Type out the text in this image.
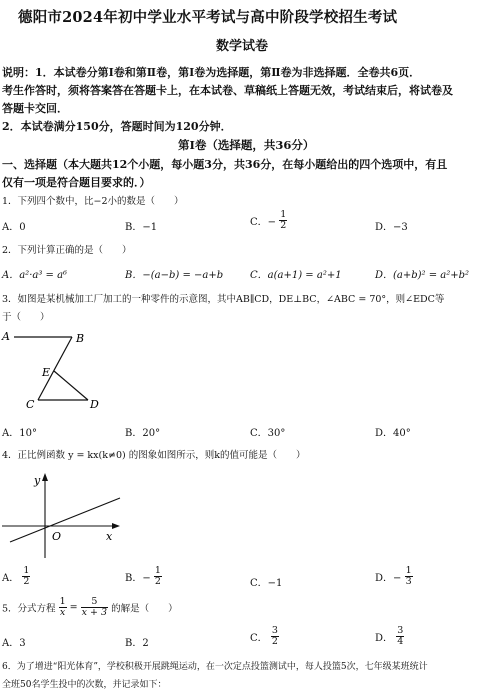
德阳市2024年初中学业水平考试与高中阶段学校招生考试
数学试卷
说明：1．本试卷分第Ⅰ卷和第Ⅱ卷，第Ⅰ卷为选择题，第Ⅱ卷为非选择题．全卷共6页．
考生作答时，须将答案答在答题卡上，在本试卷、草稿纸上答题无效，考试结束后，将试卷及
答题卡交回．
2．本试卷满分150分，答题时间为120分钟．
第Ⅰ卷（选择题，共36分）
一、选择题（本大题共12个小题，每小题3分，共36分，在每小题给出的四个选项中，有且
仅有一项是符合题目要求的．）
1．下列四个数中，比−2小的数是（　　）
A．0	B．−1	C．− $\frac{1}{2}$	D．−3
2．下列计算正确的是（　　）
A．a²·a³ = a⁶	B．−(a−b) = −a+b	C．a(a+1) = a²+1	D．(a+b)² = a²+b²
3．如图是某机械加工厂加工的一种零件的示意图，其中AB∥CD，DE⊥BC，∠ABC = 70°，则∠EDC等
于（　　）
A	B
E
C	D
A．10°	B．20°	C．30°	D．40°
4．正比例函数 y = kx(k≠0) 的图象如图所示，则k的值可能是（　　）
y
x
O
A． $\frac{1}{2}$	B．− $\frac{1}{2}$	C．−1	D．− $\frac{1}{3}$
5．分式方程 $\frac{1}{x} = \frac{5}{x + 3}$ 的解是（　　）
A．3	B．2	C． $\frac{3}{2}$	D． $\frac{3}{4}$
6．为了增进“阳光体育”，学校积极开展跳绳运动，在一次定点投篮测试中，每人投篮5次，七年级某班统计
全班50名学生投中的次数，并记录如下：
